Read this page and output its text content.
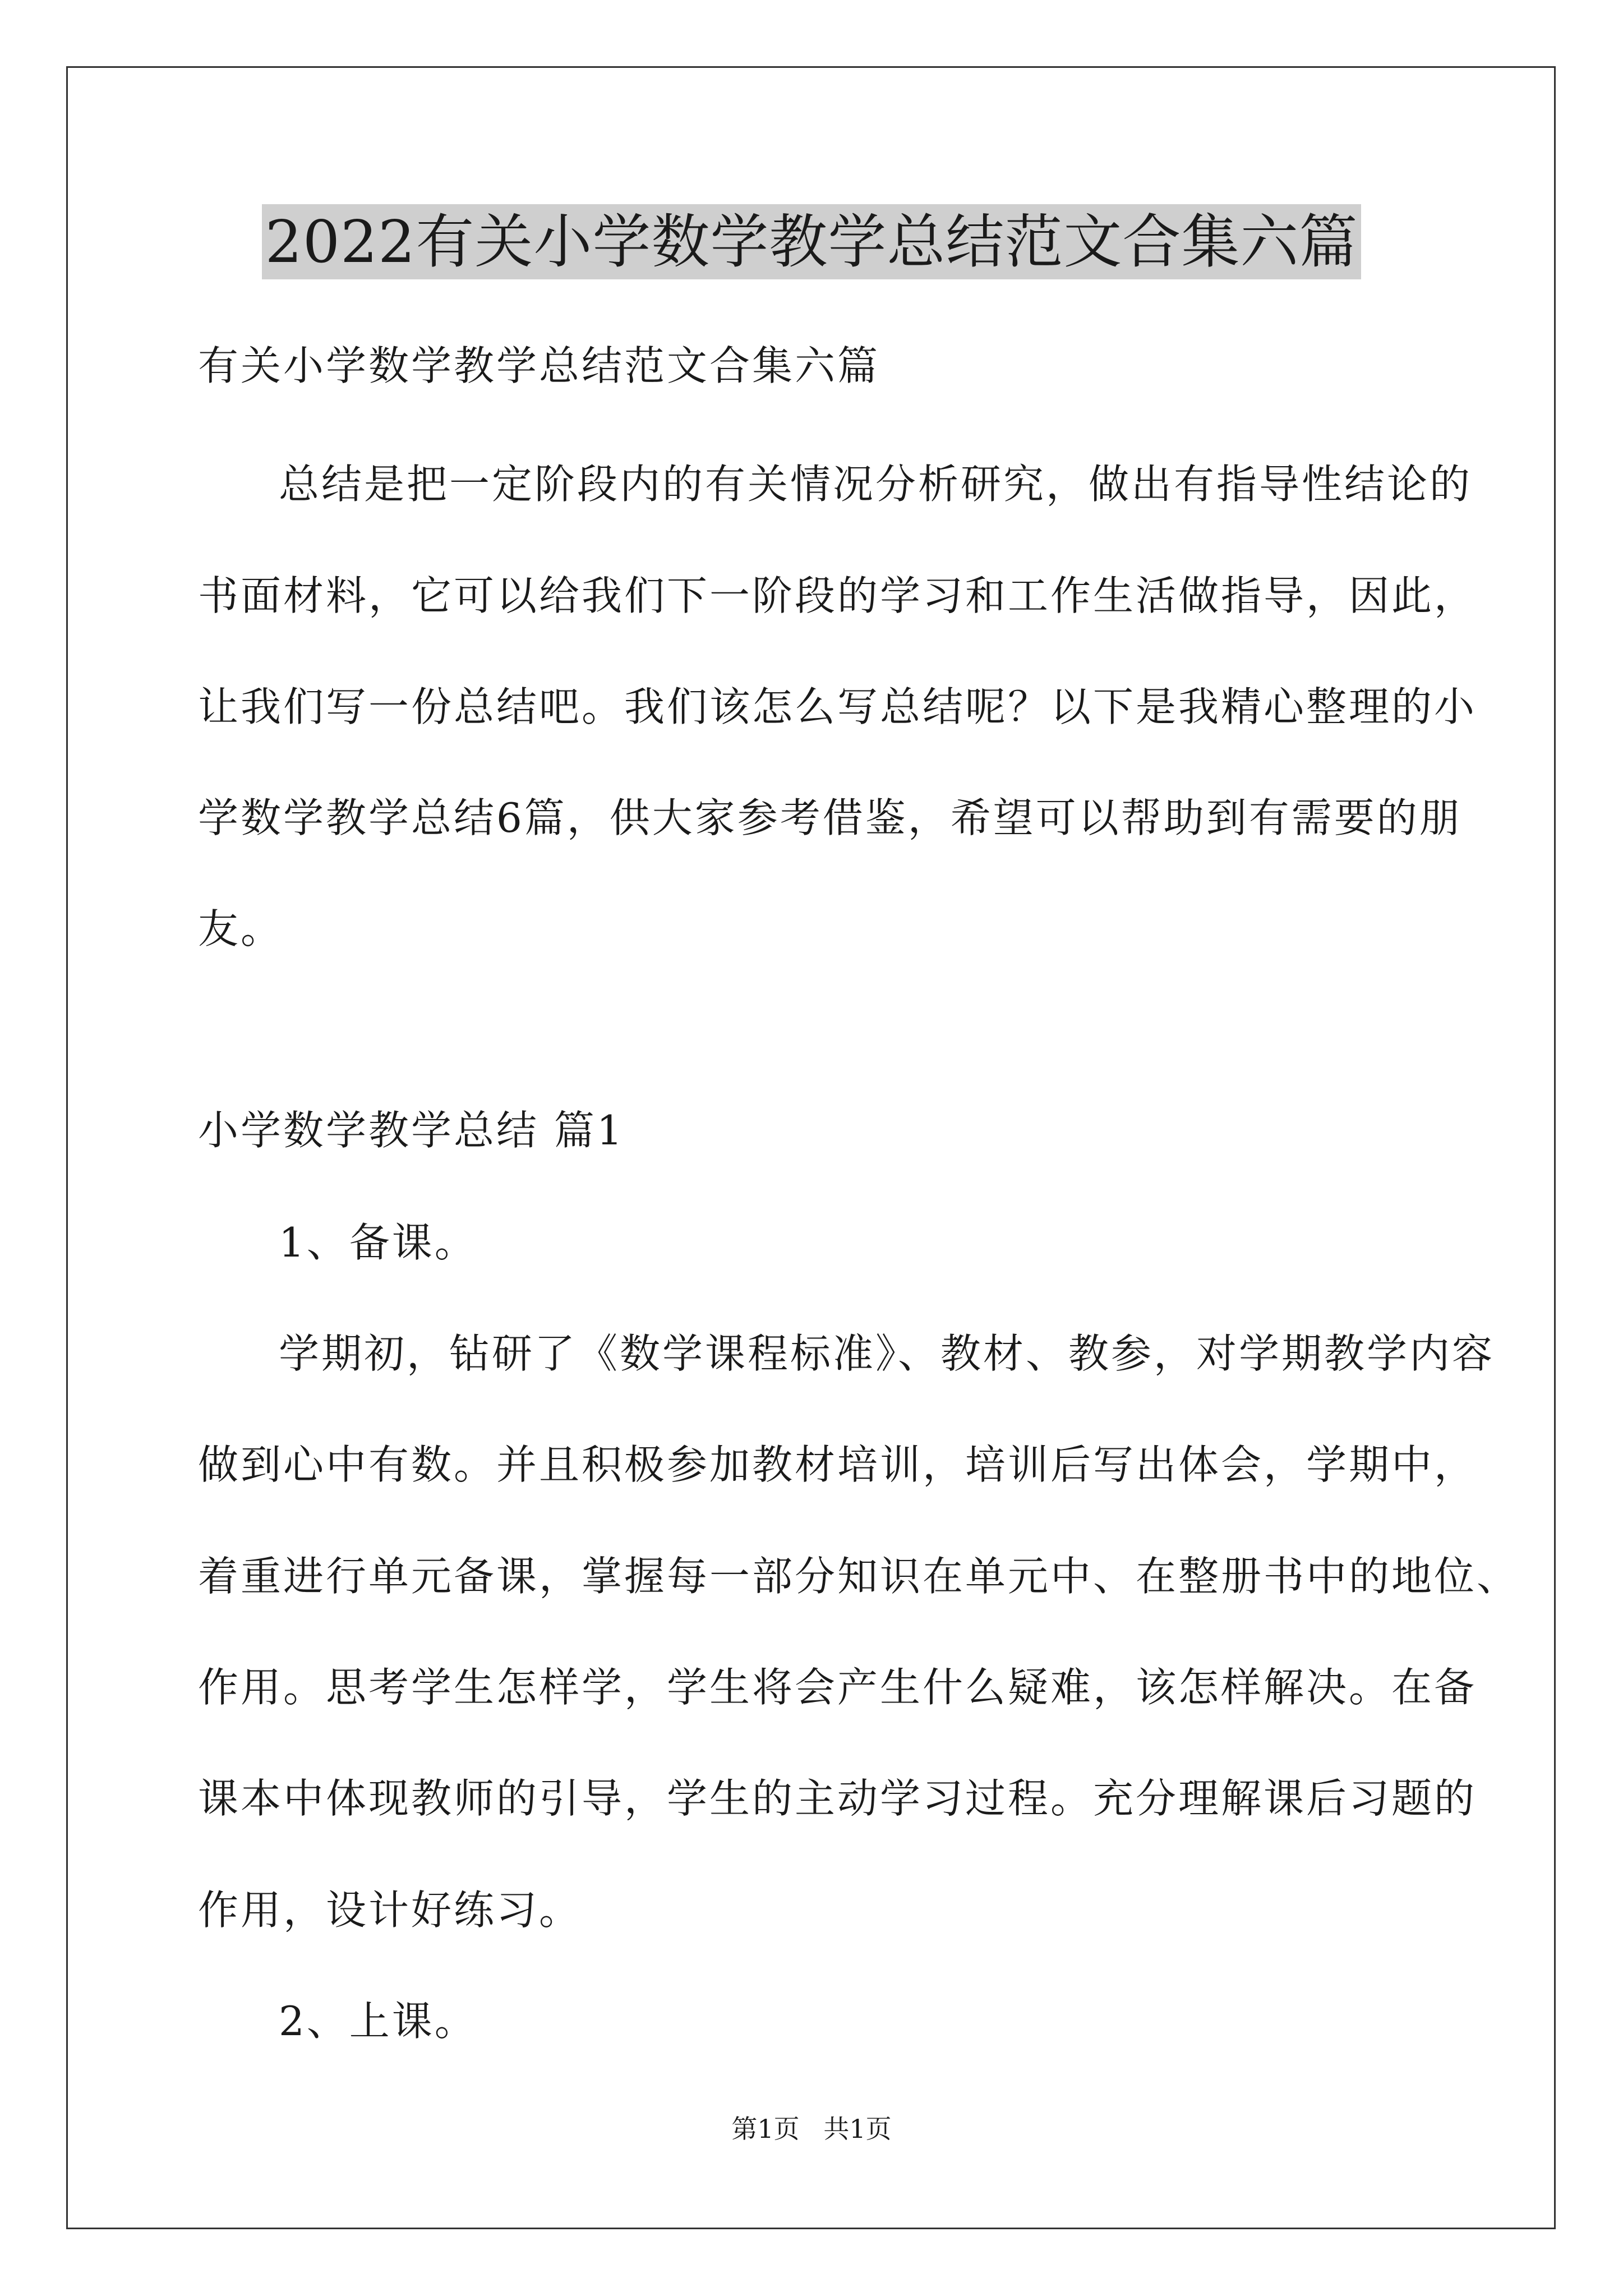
2022有关小学数学教学总结范文合集六篇

有关小学数学教学总结范文合集六篇

总结是把一定阶段内的有关情况分析研究，做出有指导性结论的

书面材料，它可以给我们下一阶段的学习和工作生活做指导，因此，

让我们写一份总结吧。我们该怎么写总结呢？以下是我精心整理的小

学数学教学总结6篇，供大家参考借鉴，希望可以帮助到有需要的朋

友。

小学数学教学总结 篇1

1、备课。

学期初，钻研了《数学课程标准》、教材、教参，对学期教学内容

做到心中有数。并且积极参加教材培训，培训后写出体会，学期中，

着重进行单元备课，掌握每一部分知识在单元中、在整册书中的地位、

作用。思考学生怎样学，学生将会产生什么疑难，该怎样解决。在备

课本中体现教师的引导，学生的主动学习过程。充分理解课后习题的

作用，设计好练习。

2、上课。

第1页 共1页
